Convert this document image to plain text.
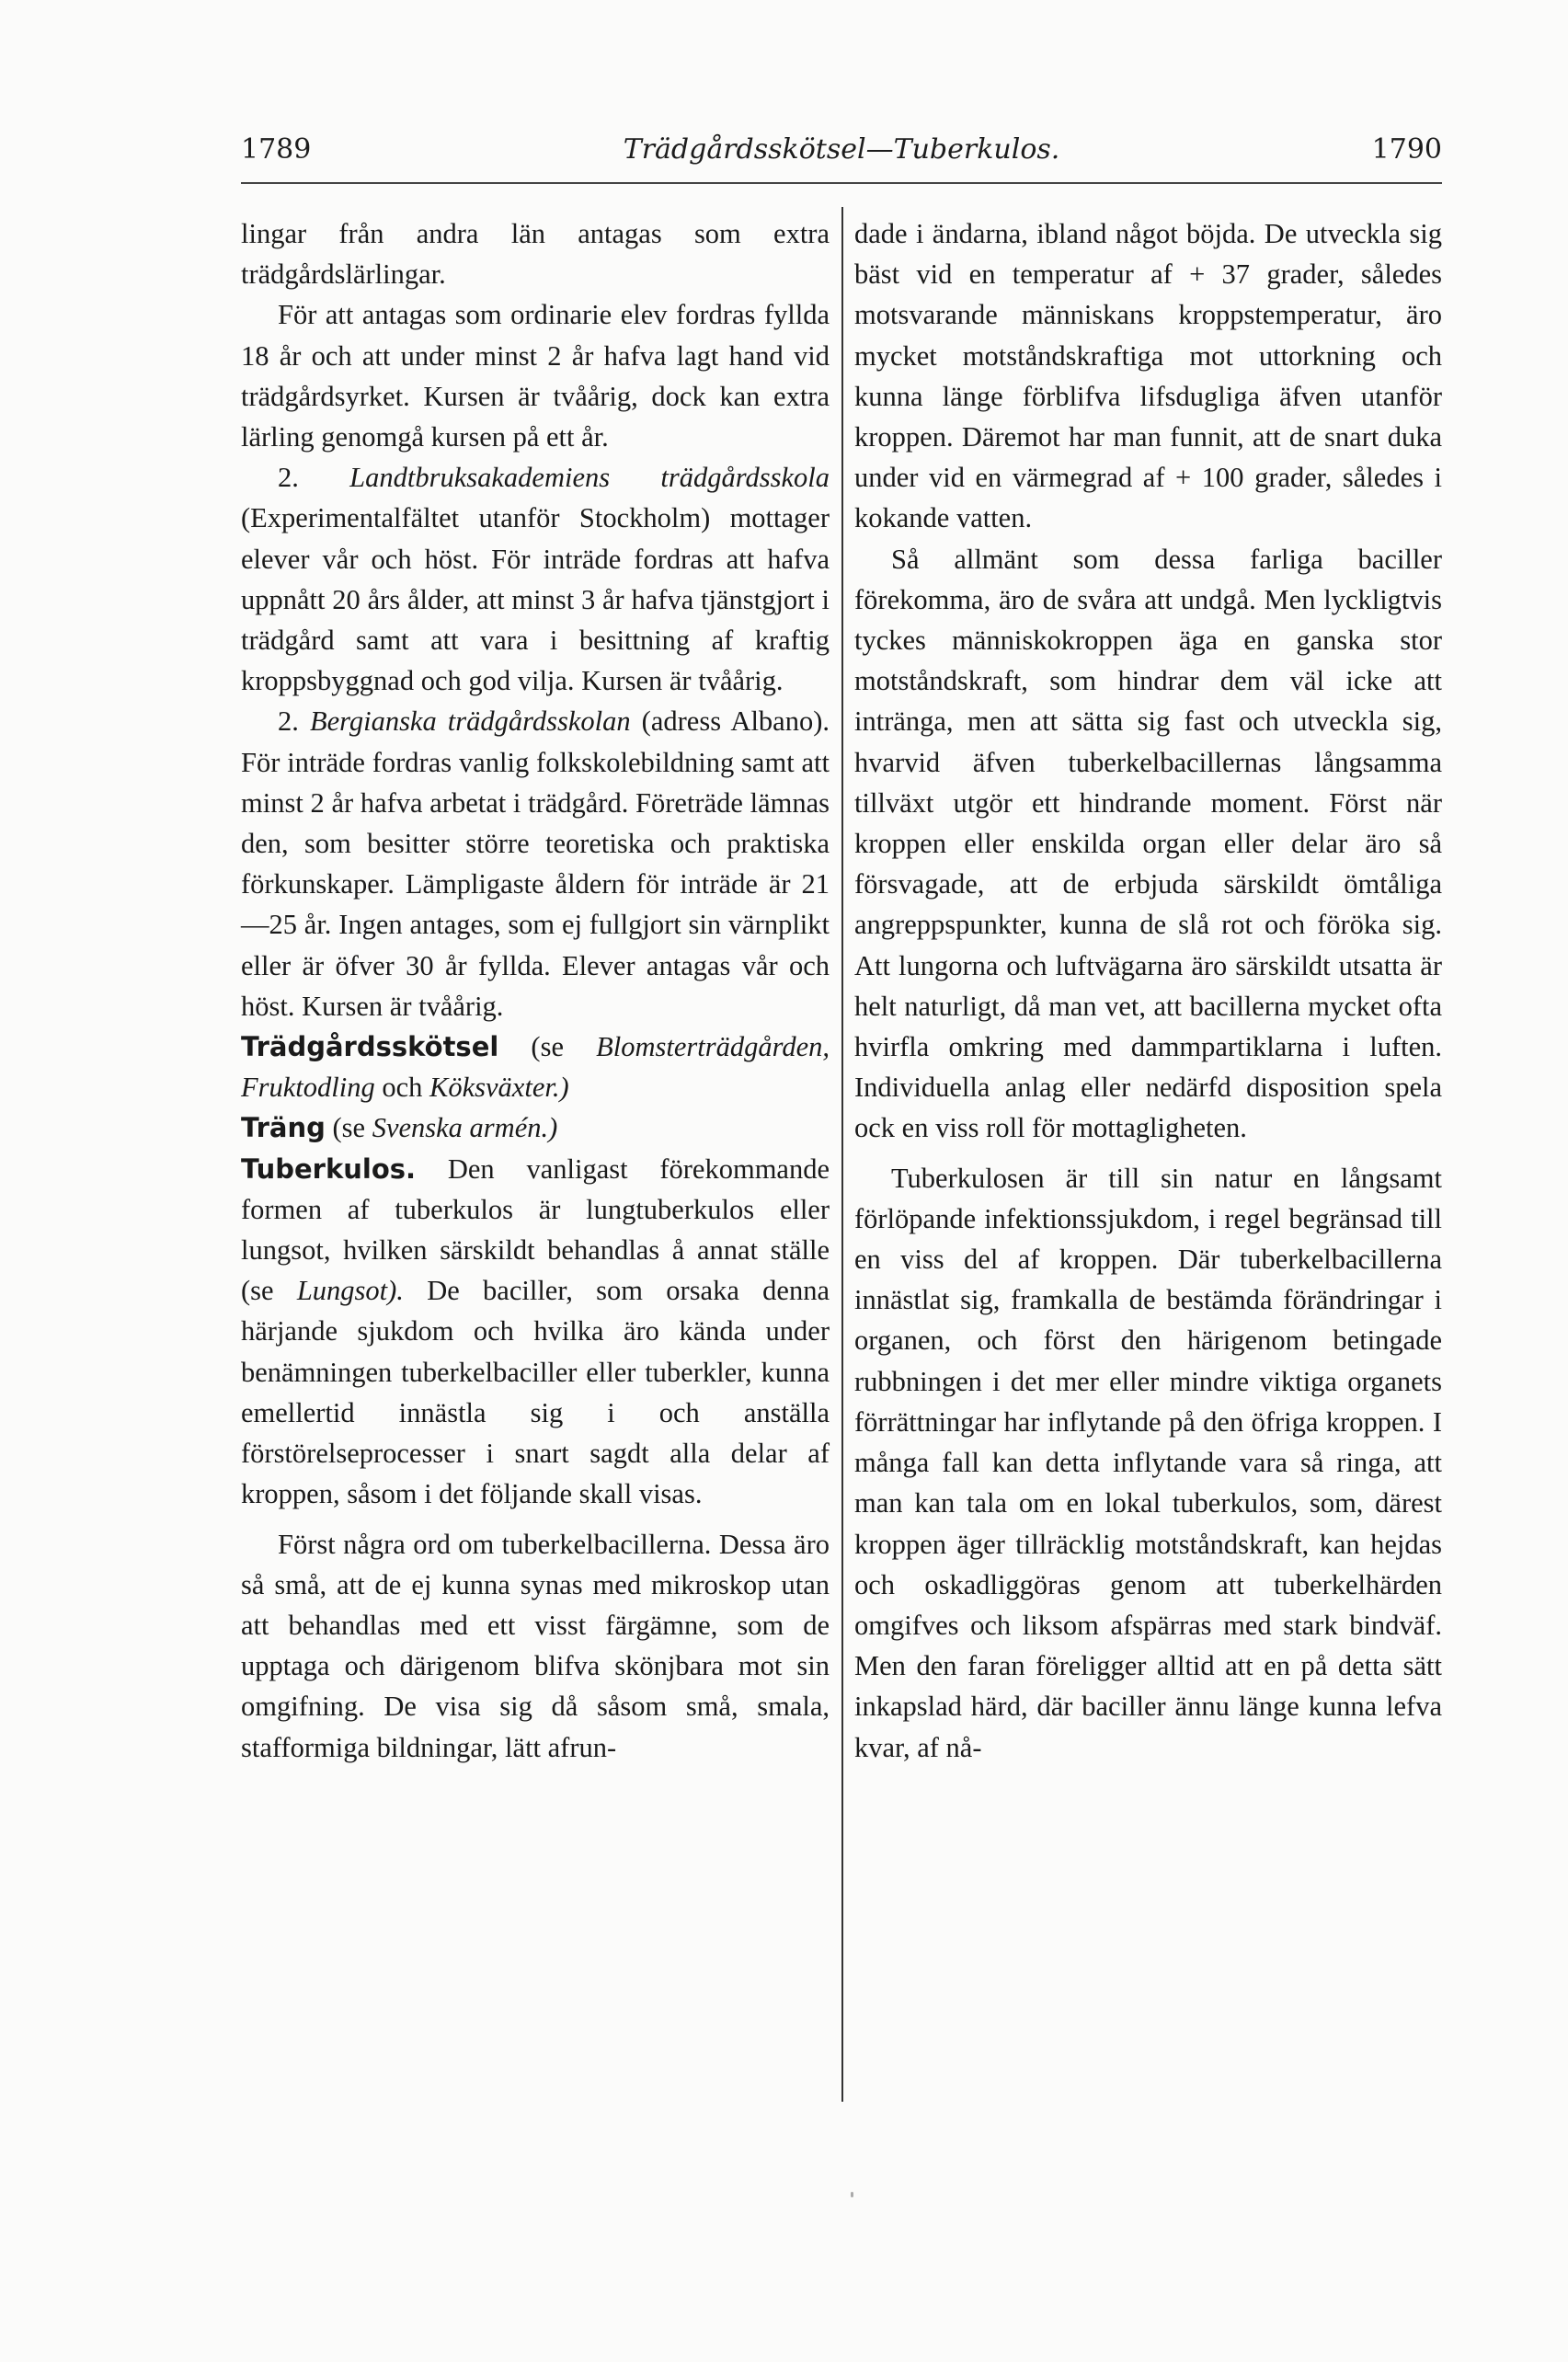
1789	Trädgårdsskötsel—Tuberkulos.	1790

lingar från andra län antagas som extra trädgårdslärlingar.

För att antagas som ordinarie elev fordras fyllda 18 år och att under minst 2 år hafva lagt hand vid trädgårdsyrket. Kursen är tvåårig, dock kan extra lärling genomgå kursen på ett år.

2. Landtbruksakademiens trädgårdsskola (Experimentalfältet utanför Stockholm) mottager elever vår och höst. För inträde fordras att hafva uppnått 20 års ålder, att minst 3 år hafva tjänstgjort i trädgård samt att vara i besittning af kraftig kroppsbyggnad och god vilja. Kursen är tvåårig.

2. Bergianska trädgårdsskolan (adress Albano). För inträde fordras vanlig folkskolebildning samt att minst 2 år hafva arbetat i trädgård. Företräde lämnas den, som besitter större teoretiska och praktiska förkunskaper. Lämpligaste åldern för inträde är 21—25 år. Ingen antages, som ej fullgjort sin värnplikt eller är öfver 30 år fyllda. Elever antagas vår och höst. Kursen är tvåårig.

Trädgårdsskötsel (se Blomsterträdgården, Fruktodling och Köksväxter.)

Träng (se Svenska armén.)

Tuberkulos. Den vanligast förekommande formen af tuberkulos är lungtuberkulos eller lungsot, hvilken särskildt behandlas å annat ställe (se Lungsot). De baciller, som orsaka denna härjande sjukdom och hvilka äro kända under benämningen tuberkelbaciller eller tuberkler, kunna emellertid innästla sig i och anställa förstörelseprocesser i snart sagdt alla delar af kroppen, såsom i det följande skall visas.

Först några ord om tuberkelbacillerna. Dessa äro så små, att de ej kunna synas med mikroskop utan att behandlas med ett visst färgämne, som de upptaga och därigenom blifva skönjbara mot sin omgifning. De visa sig då såsom små, smala, stafformiga bildningar, lätt afrun-

dade i ändarna, ibland något böjda. De utveckla sig bäst vid en temperatur af + 37 grader, således motsvarande människans kroppstemperatur, äro mycket motståndskraftiga mot uttorkning och kunna länge förblifva lifsdugliga äfven utanför kroppen. Däremot har man funnit, att de snart duka under vid en värmegrad af + 100 grader, således i kokande vatten.

Så allmänt som dessa farliga baciller förekomma, äro de svåra att undgå. Men lyckligtvis tyckes människokroppen äga en ganska stor motståndskraft, som hindrar dem väl icke att intränga, men att sätta sig fast och utveckla sig, hvarvid äfven tuberkelbacillernas långsamma tillväxt utgör ett hindrande moment. Först när kroppen eller enskilda organ eller delar äro så försvagade, att de erbjuda särskildt ömtåliga angreppspunkter, kunna de slå rot och föröka sig. Att lungorna och luftvägarna äro särskildt utsatta är helt naturligt, då man vet, att bacillerna mycket ofta hvirfla omkring med dammpartiklarna i luften. Individuella anlag eller nedärfd disposition spela ock en viss roll för mottagligheten.

Tuberkulosen är till sin natur en långsamt förlöpande infektionssjukdom, i regel begränsad till en viss del af kroppen. Där tuberkelbacillerna innästlat sig, framkalla de bestämda förändringar i organen, och först den härigenom betingade rubbningen i det mer eller mindre viktiga organets förrättningar har inflytande på den öfriga kroppen. I många fall kan detta inflytande vara så ringa, att man kan tala om en lokal tuberkulos, som, därest kroppen äger tillräcklig motståndskraft, kan hejdas och oskadliggöras genom att tuberkelhärden omgifves och liksom afspärras med stark bindväf. Men den faran föreligger alltid att en på detta sätt inkapslad härd, där baciller ännu länge kunna lefva kvar, af nå-
